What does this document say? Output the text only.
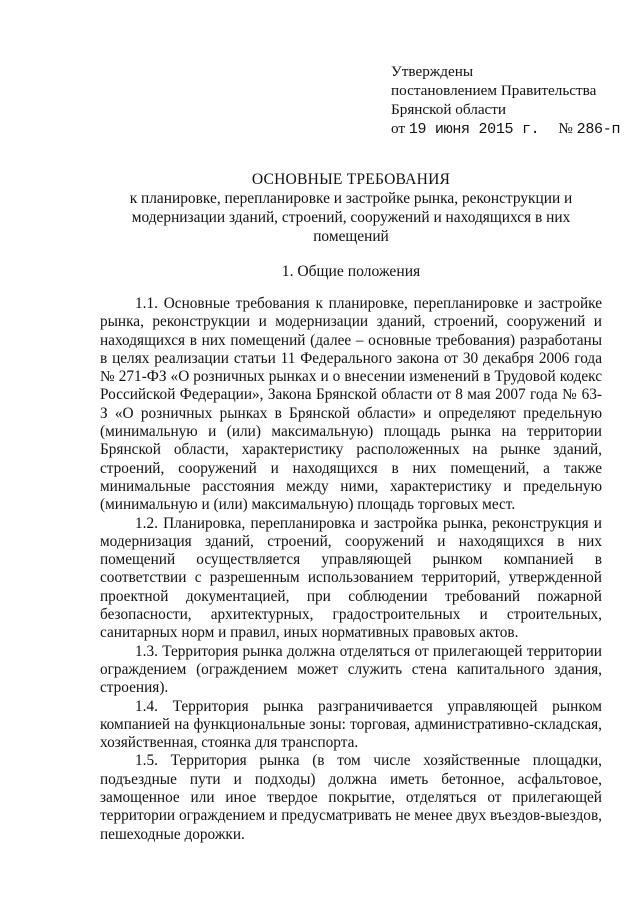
Утверждены
постановлением Правительства
Брянской области
от 19 июня 2015 г. № 286-п
ОСНОВНЫЕ ТРЕБОВАНИЯ
к планировке, перепланировке и застройке рынка, реконструкции и
модернизации зданий, строений, сооружений и находящихся в них
помещений
1. Общие положения

1.1. Основные требования к планировке, перепланировке и застройке рынка, реконструкции и модернизации зданий, строений, сооружений и находящихся в них помещений (далее – основные требования) разработаны в целях реализации статьи 11 Федерального закона от 30 декабря 2006 года № 271-ФЗ «О розничных рынках и о внесении изменений в Трудовой кодекс Российской Федерации», Закона Брянской области от 8 мая 2007 года № 63-З «О розничных рынках в Брянской области» и определяют предельную (минимальную и (или) максимальную) площадь рынка на территории Брянской области, характеристику расположенных на рынке зданий, строений, сооружений и находящихся в них помещений, а также минимальные расстояния между ними, характеристику и предельную (минимальную и (или) максимальную) площадь торговых мест.

1.2. Планировка, перепланировка и застройка рынка, реконструкция и модернизация зданий, строений, сооружений и находящихся в них помещений осуществляется управляющей рынком компанией в соответствии с разрешенным использованием территорий, утвержденной проектной документацией, при соблюдении требований пожарной безопасности, архитектурных, градостроительных и строительных, санитарных норм и правил, иных нормативных правовых актов.

1.3. Территория рынка должна отделяться от прилегающей территории ограждением (ограждением может служить стена капитального здания, строения).

1.4. Территория рынка разграничивается управляющей рынком компанией на функциональные зоны: торговая, административно-складская, хозяйственная, стоянка для транспорта.

1.5. Территория рынка (в том числе хозяйственные площадки, подъездные пути и подходы) должна иметь бетонное, асфальтовое, замощенное или иное твердое покрытие, отделяться от прилегающей территории ограждением и предусматривать не менее двух въездов-выездов, пешеходные дорожки.
